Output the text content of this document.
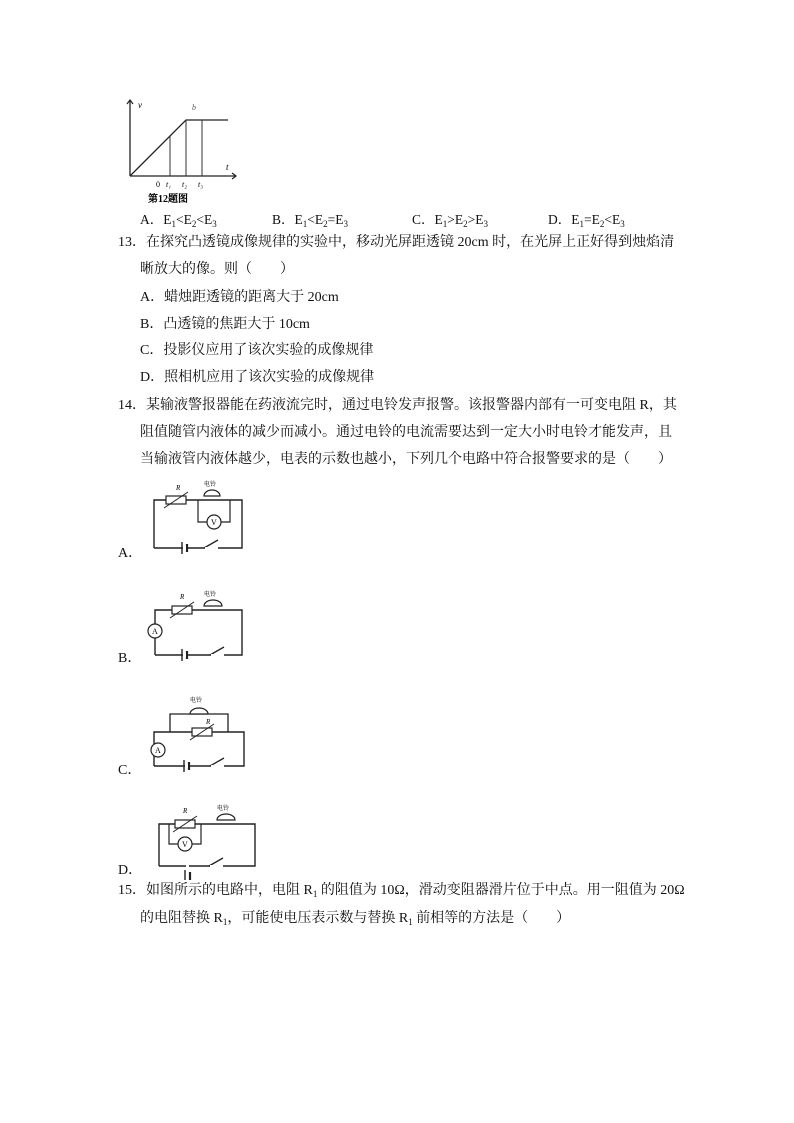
v
t
b
0 t₁ t₂ t₃
第12题图
A．$E_1<E_2<E_3$	B．$E_1<E_2=E_3$	C．$E_1>E_2>E_3$	D．$E_1=E_2<E_3$
13．在探究凸透镜成像规律的实验中，移动光屏距透镜 20cm 时，在光屏上正好得到烛焰清
晰放大的像。则（　　）
A．蜡烛距透镜的距离大于 20cm
B．凸透镜的焦距大于 10cm
C．投影仪应用了该次实验的成像规律
D．照相机应用了该次实验的成像规律
14．某输液警报器能在药液流完时，通过电铃发声报警。该报警器内部有一可变电阻 R，其
阻值随管内液体的减少而减小。通过电铃的电流需要达到一定大小时电铃才能发声，且
当输液管内液体越少，电表的示数也越小，下列几个电路中符合报警要求的是（　　）
A．
R	电铃
V
B．
R	电铃
A
C．
电铃
R
A
D．
R
V
电铃
15．如图所示的电路中，电阻 $R_1$ 的阻值为 10Ω，滑动变阻器滑片位于中点。用一阻值为 20Ω
的电阻替换 $R_1$，可能使电压表示数与替换 $R_1$ 前相等的方法是（　　）
